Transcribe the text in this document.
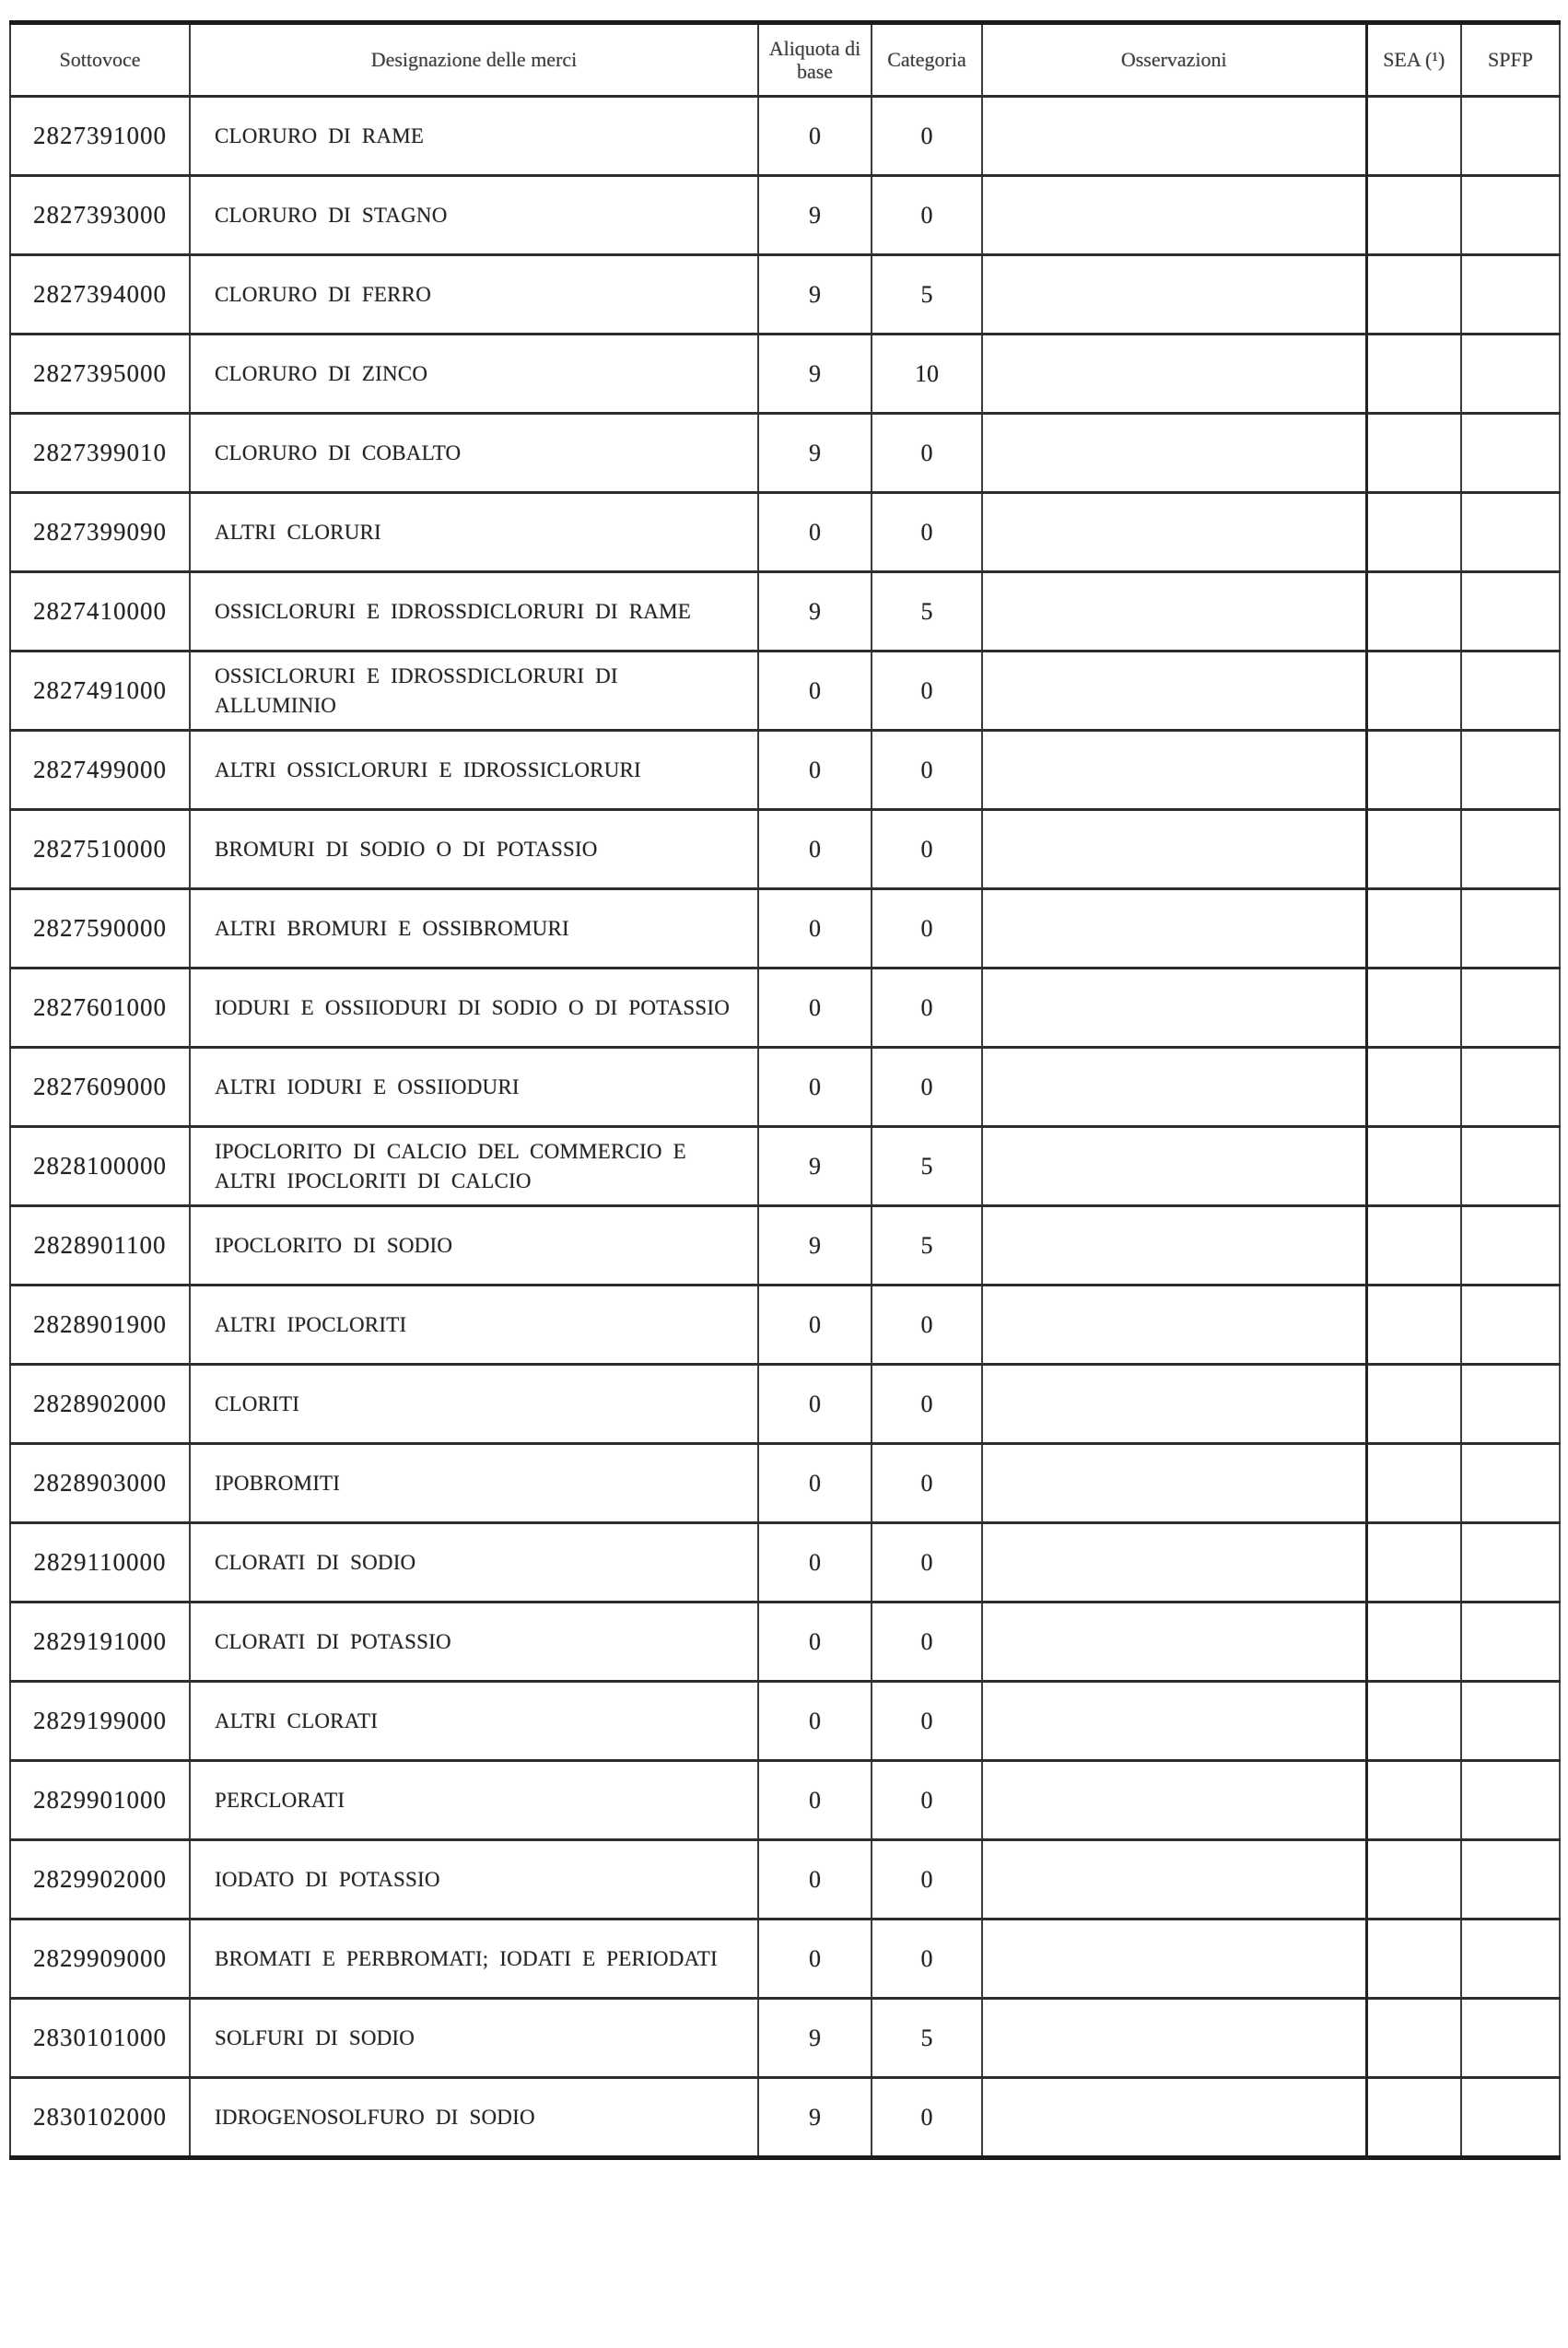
Sottovoce	Designazione delle merci	Aliquota di base	Categoria	Osservazioni	SEA (¹)	SPFP
2827391000	CLORURO DI RAME	0	0			
2827393000	CLORURO DI STAGNO	9	0			
2827394000	CLORURO DI FERRO	9	5			
2827395000	CLORURO DI ZINCO	9	10			
2827399010	CLORURO DI COBALTO	9	0			
2827399090	ALTRI CLORURI	0	0			
2827410000	OSSICLORURI E IDROSSDICLORURI DI RAME	9	5			
2827491000	OSSICLORURI E IDROSSDICLORURI DI ALLUMINIO	0	0			
2827499000	ALTRI OSSICLORURI E IDROSSICLORURI	0	0			
2827510000	BROMURI DI SODIO O DI POTASSIO	0	0			
2827590000	ALTRI BROMURI E OSSIBROMURI	0	0			
2827601000	IODURI E OSSIIODURI DI SODIO O DI POTASSIO	0	0			
2827609000	ALTRI IODURI E OSSIIODURI	0	0			
2828100000	IPOCLORITO DI CALCIO DEL COMMERCIO E ALTRI IPOCLORITI DI CALCIO	9	5			
2828901100	IPOCLORITO DI SODIO	9	5			
2828901900	ALTRI IPOCLORITI	0	0			
2828902000	CLORITI	0	0			
2828903000	IPOBROMITI	0	0			
2829110000	CLORATI DI SODIO	0	0			
2829191000	CLORATI DI POTASSIO	0	0			
2829199000	ALTRI CLORATI	0	0			
2829901000	PERCLORATI	0	0			
2829902000	IODATO DI POTASSIO	0	0			
2829909000	BROMATI E PERBROMATI; IODATI E PERIODATI	0	0			
2830101000	SOLFURI DI SODIO	9	5			
2830102000	IDROGENOSOLFURO DI SODIO	9	0			
